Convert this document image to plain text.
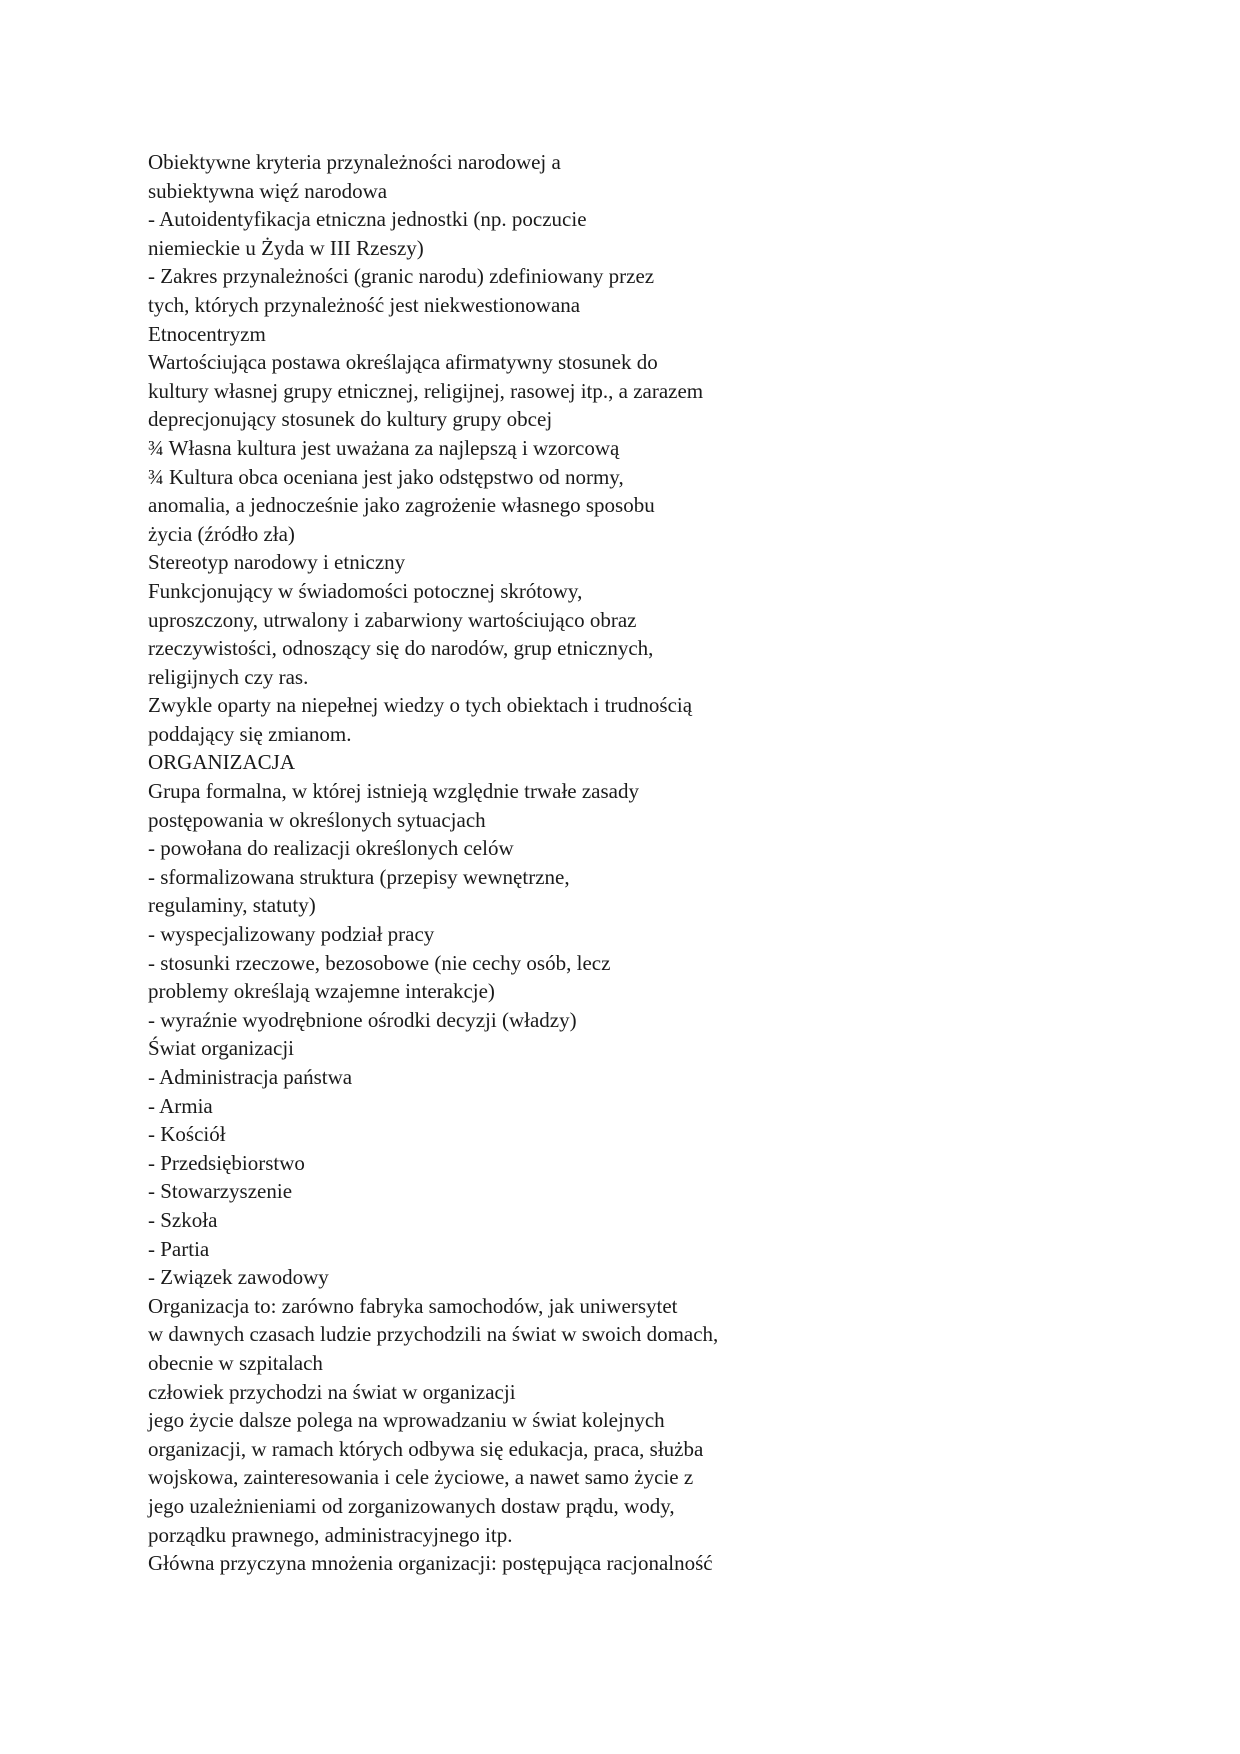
Obiektywne kryteria przynależności narodowej a
subiektywna więź narodowa
- Autoidentyfikacja etniczna jednostki (np. poczucie
niemieckie u Żyda w III Rzeszy)
- Zakres przynależności (granic narodu) zdefiniowany przez
tych, których przynależność jest niekwestionowana
Etnocentryzm
Wartościująca postawa określająca afirmatywny stosunek do
kultury własnej grupy etnicznej, religijnej, rasowej itp., a zarazem
deprecjonujący stosunek do kultury grupy obcej
¾ Własna kultura jest uważana za najlepszą i wzorcową
¾ Kultura obca oceniana jest jako odstępstwo od normy,
anomalia, a jednocześnie jako zagrożenie własnego sposobu
życia (źródło zła)
Stereotyp narodowy i etniczny
Funkcjonujący w świadomości potocznej skrótowy,
uproszczony, utrwalony i zabarwiony wartościująco obraz
rzeczywistości, odnoszący się do narodów, grup etnicznych,
religijnych czy ras.
Zwykle oparty na niepełnej wiedzy o tych obiektach i trudnością
poddający się zmianom.
ORGANIZACJA
Grupa formalna, w której istnieją względnie trwałe zasady
postępowania w określonych sytuacjach
- powołana do realizacji określonych celów
- sformalizowana struktura (przepisy wewnętrzne,
regulaminy, statuty)
- wyspecjalizowany podział pracy
- stosunki rzeczowe, bezosobowe (nie cechy osób, lecz
problemy określają wzajemne interakcje)
- wyraźnie wyodrębnione ośrodki decyzji (władzy)
Świat organizacji
- Administracja państwa
- Armia
- Kościół
- Przedsiębiorstwo
- Stowarzyszenie
- Szkoła
- Partia
- Związek zawodowy
Organizacja to: zarówno fabryka samochodów, jak uniwersytet
w dawnych czasach ludzie przychodzili na świat w swoich domach,
obecnie w szpitalach
człowiek przychodzi na świat w organizacji
jego życie dalsze polega na wprowadzaniu w świat kolejnych
organizacji, w ramach których odbywa się edukacja, praca, służba
wojskowa, zainteresowania i cele życiowe, a nawet samo życie z
jego uzależnieniami od zorganizowanych dostaw prądu, wody,
porządku prawnego, administracyjnego itp.
Główna przyczyna mnożenia organizacji: postępująca racjonalność
